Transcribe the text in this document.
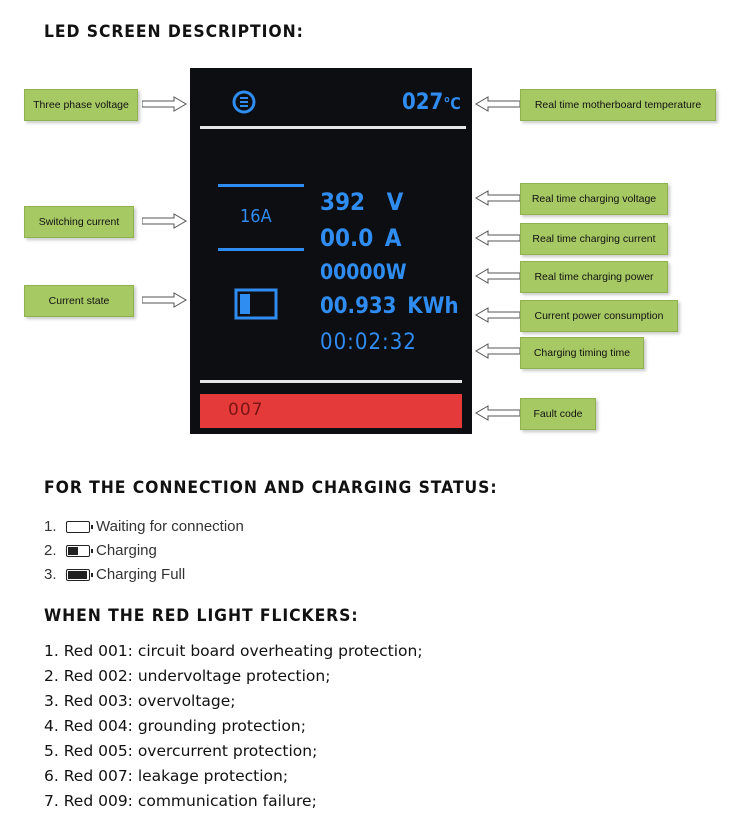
LED SCREEN DESCRIPTION:
FOR THE CONNECTION AND CHARGING STATUS:
WHEN THE RED LIGHT FLICKERS:
027℃
16A
392 V
00.0 A
00000W
00.933 KWh
00:02:32
007
Three phase voltage
Switching current
Current state
Real time motherboard temperature
Real time charging voltage
Real time charging current
Real time charging power
Current power consumption
Charging timing time
Fault code
1.	Waiting for connection
2.	Charging
3.	Charging Full
1. Red 001: circuit board overheating protection;
2. Red 002: undervoltage protection;
3. Red 003: overvoltage;
4. Red 004: grounding protection;
5. Red 005: overcurrent protection;
6. Red 007: leakage protection;
7. Red 009: communication failure;
